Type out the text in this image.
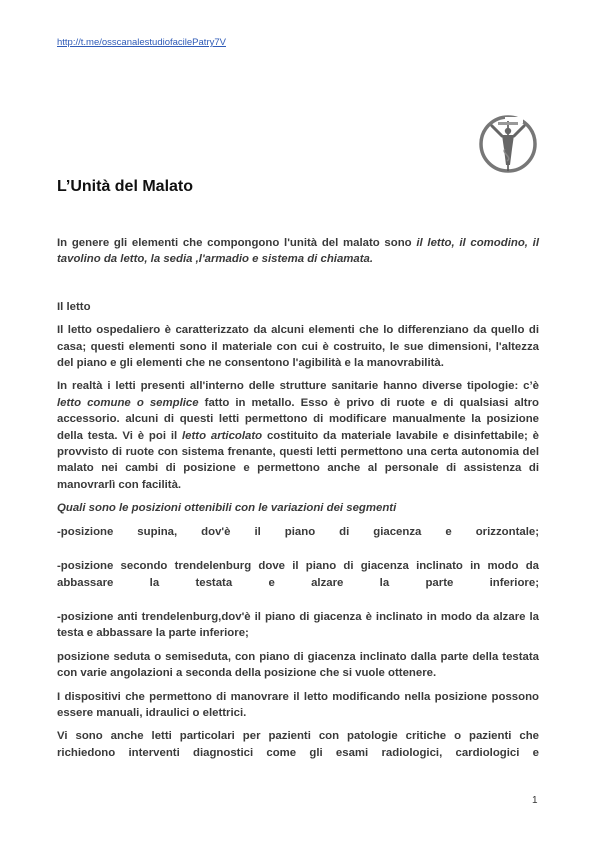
http://t.me/osscanalestudiofacilePatry7V
L’Unità del Malato

In genere gli elementi che compongono l'unità del malato sono il letto, il comodino, il tavolino da letto, la sedia ,l'armadio e sistema di chiamata.

Il letto

Il letto ospedaliero è caratterizzato da alcuni elementi che lo differenziano da quello di casa; questi elementi sono il materiale con cui è costruito, le sue dimensioni, l'altezza del piano e gli elementi che ne consentono l'agibilità e la manovrabilità.

In realtà i letti presenti all'interno delle strutture sanitarie hanno diverse tipologie: c’è letto comune o semplice fatto in metallo. Esso è privo di ruote e di qualsiasi altro accessorio. alcuni di questi letti permettono di modificare manualmente la posizione della testa. Vi è poi il letto articolato costituito da materiale lavabile e disinfettabile; è provvisto di ruote con sistema frenante, questi letti permettono una certa autonomia del malato nei cambi di posizione e permettono anche al personale di assistenza di manovrarlì con facilità.

Quali sono le posizioni ottenibili con le variazioni dei segmenti

-posizione supina, dov'è il piano di giacenza e orizzontale;

-posizione secondo trendelenburg dove il piano di giacenza inclinato in modo da abbassare la testata e alzare la parte inferiore;

-posizione anti trendelenburg,dov'è il piano di giacenza è inclinato in modo da alzare la testa e abbassare la parte inferiore;

posizione seduta o semiseduta, con piano di giacenza inclinato dalla parte della testata con varie angolazioni a seconda della posizione che si vuole ottenere.

I dispositivi che permettono di manovrare il letto modificando nella posizione possono essere manuali, idraulici o elettrici.

Vi sono anche letti particolari per pazienti con patologie critiche o pazienti che richiedono interventi diagnostici come gli esami radiologici, cardiologici e

1
